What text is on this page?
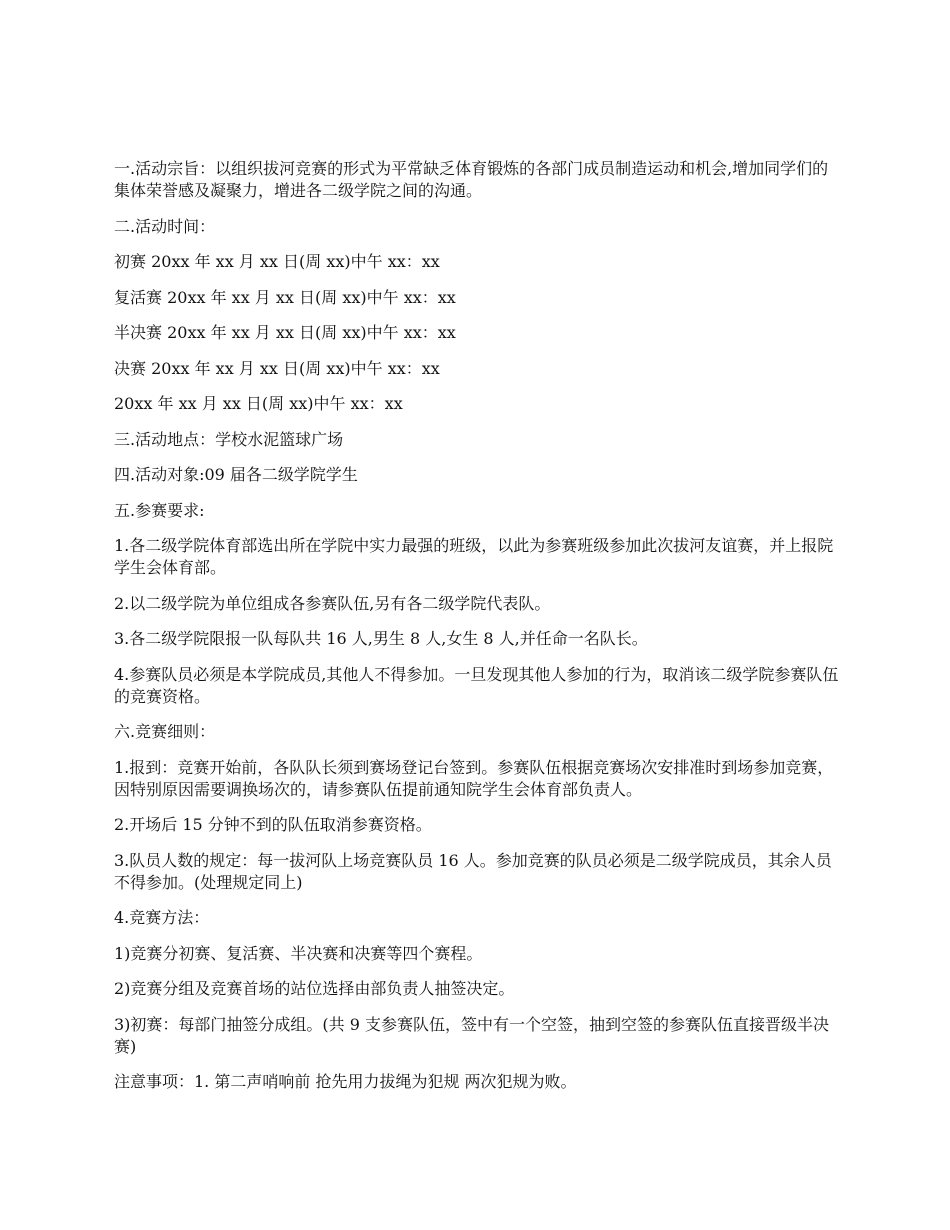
一.活动宗旨：以组织拔河竞赛的形式为平常缺乏体育锻炼的各部门成员制造运动和机会,增加同学们的集体荣誉感及凝聚力，增进各二级学院之间的沟通。

二.活动时间：

初赛 20xx 年 xx 月 xx 日(周 xx)中午 xx：xx

复活赛 20xx 年 xx 月 xx 日(周 xx)中午 xx：xx

半决赛 20xx 年 xx 月 xx 日(周 xx)中午 xx：xx

决赛 20xx 年 xx 月 xx 日(周 xx)中午 xx：xx

20xx 年 xx 月 xx 日(周 xx)中午 xx：xx

三.活动地点：学校水泥篮球广场

四.活动对象:09 届各二级学院学生

五.参赛要求:

1.各二级学院体育部选出所在学院中实力最强的班级，以此为参赛班级参加此次拔河友谊赛，并上报院学生会体育部。

2.以二级学院为单位组成各参赛队伍,另有各二级学院代表队。

3.各二级学院限报一队每队共 16 人,男生 8 人,女生 8 人,并任命一名队长。

4.参赛队员必须是本学院成员,其他人不得参加。一旦发现其他人参加的行为，取消该二级学院参赛队伍的竞赛资格。

六.竞赛细则：

1.报到：竞赛开始前，各队队长须到赛场登记台签到。参赛队伍根据竞赛场次安排准时到场参加竞赛，因特别原因需要调换场次的，请参赛队伍提前通知院学生会体育部负责人。

2.开场后 15 分钟不到的队伍取消参赛资格。

3.队员人数的规定：每一拔河队上场竞赛队员 16 人。参加竞赛的队员必须是二级学院成员，其余人员不得参加。(处理规定同上)

4.竞赛方法：

1)竞赛分初赛、复活赛、半决赛和决赛等四个赛程。

2)竞赛分组及竞赛首场的站位选择由部负责人抽签决定。

3)初赛：每部门抽签分成组。(共 9 支参赛队伍，签中有一个空签，抽到空签的参赛队伍直接晋级半决赛)

注意事项：1. 第二声哨响前 抢先用力拔绳为犯规 两次犯规为败。
